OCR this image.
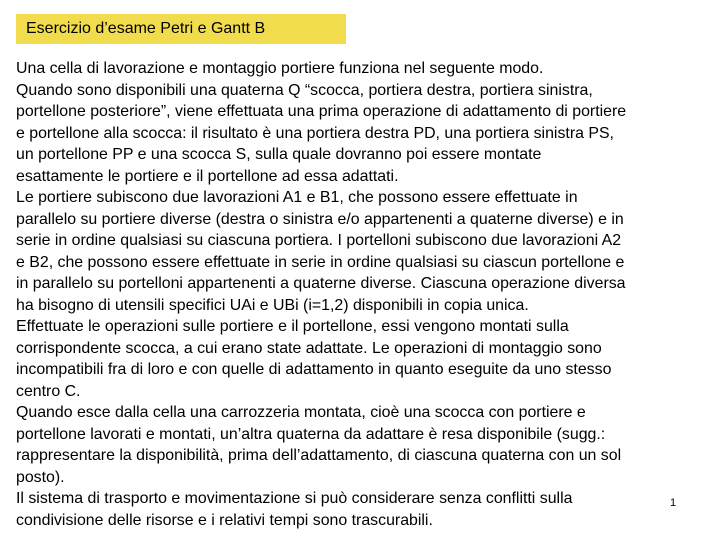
Esercizio d’esame Petri e Gantt B
Una cella di lavorazione e montaggio portiere funziona nel seguente modo.
Quando sono disponibili una quaterna Q “scocca, portiera destra, portiera sinistra,
portellone posteriore”, viene effettuata una prima operazione di adattamento di portiere
e portellone alla scocca: il risultato è una portiera destra PD, una portiera sinistra PS,
un portellone PP e una scocca S, sulla quale dovranno poi essere montate
esattamente le portiere e il portellone ad essa adattati.
Le portiere subiscono due lavorazioni A1 e B1, che possono essere effettuate in
parallelo su portiere diverse (destra o sinistra e/o appartenenti a quaterne diverse) e in
serie in ordine qualsiasi su ciascuna portiera. I portelloni subiscono due lavorazioni A2
e B2, che possono essere effettuate in serie in ordine qualsiasi su ciascun portellone e
in parallelo su portelloni appartenenti a quaterne diverse. Ciascuna operazione diversa
ha bisogno di utensili specifici UAi e UBi (i=1,2) disponibili in copia unica.
Effettuate le operazioni sulle portiere e il portellone, essi vengono montati sulla
corrispondente scocca, a cui erano state adattate. Le operazioni di montaggio sono
incompatibili fra di loro e con quelle di adattamento in quanto eseguite da uno stesso
centro C.
Quando esce dalla cella una carrozzeria montata, cioè una scocca con portiere e
portellone lavorati e montati, un’altra quaterna da adattare è resa disponibile (sugg.:
rappresentare la disponibilità, prima dell’adattamento, di ciascuna quaterna con un sol
posto).
Il sistema di trasporto e movimentazione si può considerare senza conflitti sulla
condivisione delle risorse e i relativi tempi sono trascurabili.
1
